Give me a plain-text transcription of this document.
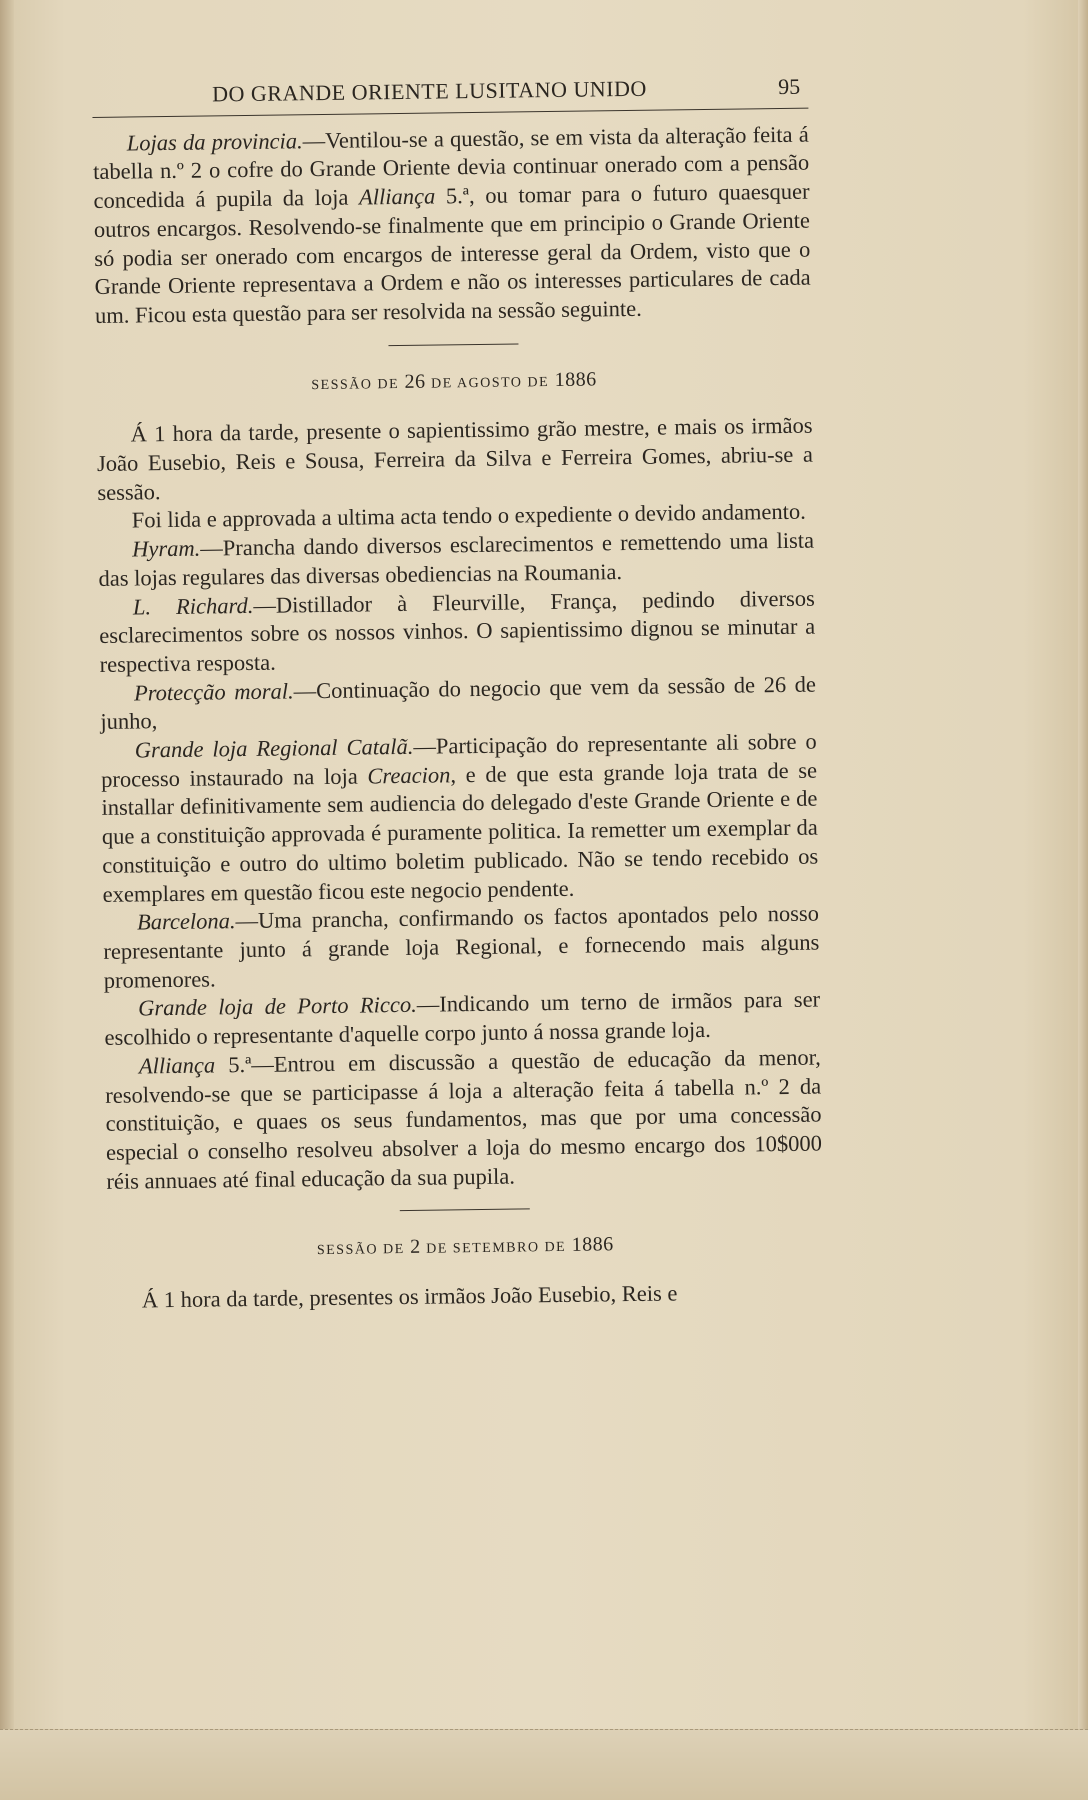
DO GRANDE ORIENTE LUSITANO UNIDO	95

Lojas da provincia.—Ventilou-se a questão, se em vista da alteração feita á tabella n.º 2 o cofre do Grande Oriente devia continuar onerado com a pensão concedida á pupila da loja Alliança 5.ª, ou tomar para o futuro quaesquer outros encargos. Resolvendo-se finalmente que em principio o Grande Oriente só podia ser onerado com encargos de interesse geral da Ordem, visto que o Grande Oriente representava a Ordem e não os interesses particulares de cada um. Ficou esta questão para ser resolvida na sessão seguinte.

SESSÃO DE 26 DE AGOSTO DE 1886

Á 1 hora da tarde, presente o sapientissimo grão mestre, e mais os irmãos João Eusebio, Reis e Sousa, Ferreira da Silva e Ferreira Gomes, abriu-se a sessão.

Foi lida e approvada a ultima acta tendo o expediente o devido andamento.

Hyram.—Prancha dando diversos esclarecimentos e remettendo uma lista das lojas regulares das diversas obediencias na Roumania.

L. Richard.—Distillador à Fleurville, França, pedindo diversos esclarecimentos sobre os nossos vinhos. O sapientissimo dignou se minutar a respectiva resposta.

Protecção moral.—Continuação do negocio que vem da sessão de 26 de junho,

Grande loja Regional Catalã.—Participação do representante ali sobre o processo instaurado na loja Creacion, e de que esta grande loja trata de se installar definitivamente sem audiencia do delegado d'este Grande Oriente e de que a constituição approvada é puramente politica. Ia remetter um exemplar da constituição e outro do ultimo boletim publicado. Não se tendo recebido os exemplares em questão ficou este negocio pendente.

Barcelona.—Uma prancha, confirmando os factos apontados pelo nosso representante junto á grande loja Regional, e fornecendo mais alguns promenores.

Grande loja de Porto Ricco.—Indicando um terno de irmãos para ser escolhido o representante d'aquelle corpo junto á nossa grande loja.

Alliança 5.ª—Entrou em discussão a questão de educação da menor, resolvendo-se que se participasse á loja a alteração feita á tabella n.º 2 da constituição, e quaes os seus fundamentos, mas que por uma concessão especial o conselho resolveu absolver a loja do mesmo encargo dos 10$000 réis annuaes até final educação da sua pupila.

SESSÃO DE 2 DE SETEMBRO DE 1886

Á 1 hora da tarde, presentes os irmãos João Eusebio, Reis e
